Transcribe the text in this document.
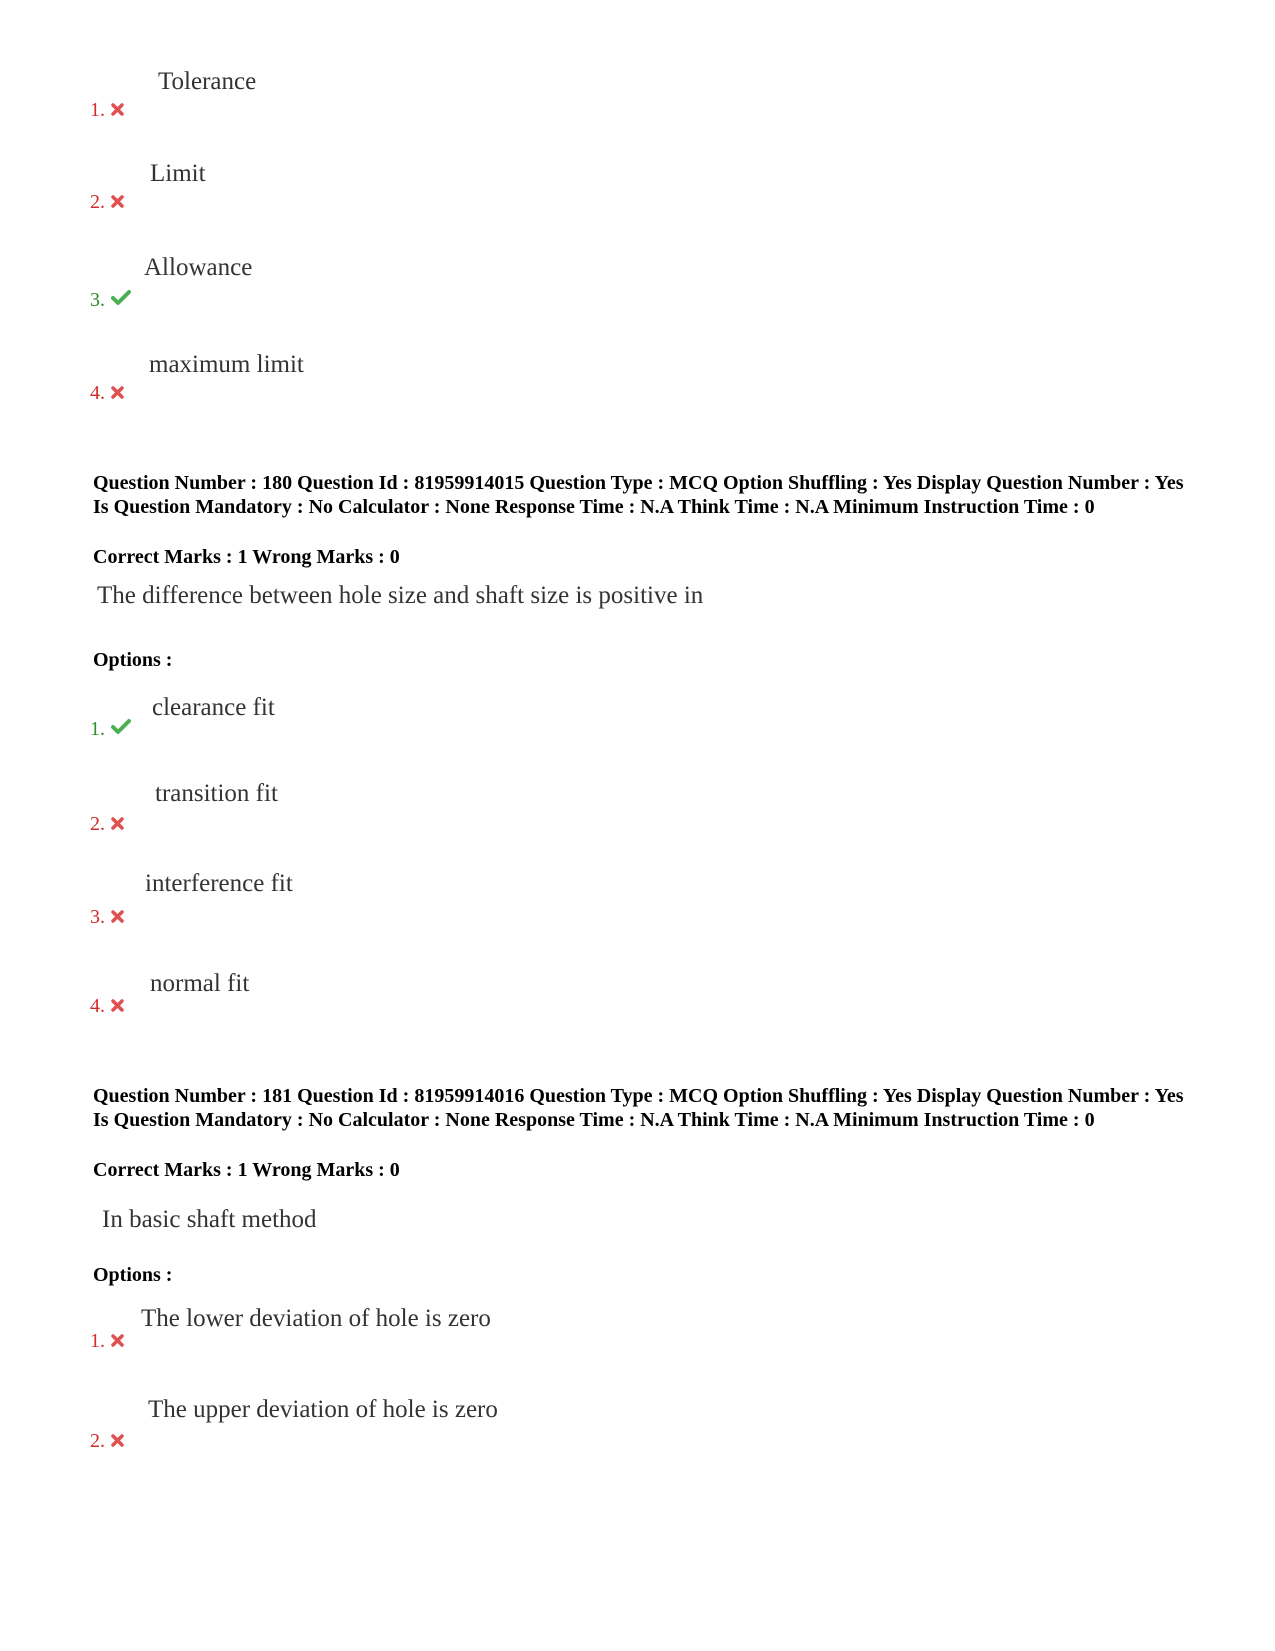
Tolerance
1.
Limit
2.
Allowance
3.
maximum limit
4.
Question Number : 180 Question Id : 81959914015 Question Type : MCQ Option Shuffling : Yes Display Question Number : Yes Is Question Mandatory : No Calculator : None Response Time : N.A Think Time : N.A Minimum Instruction Time : 0
Correct Marks : 1 Wrong Marks : 0
The difference between hole size and shaft size is positive in
Options :
clearance fit
1.
transition fit
2.
interference fit
3.
normal fit
4.
Question Number : 181 Question Id : 81959914016 Question Type : MCQ Option Shuffling : Yes Display Question Number : Yes Is Question Mandatory : No Calculator : None Response Time : N.A Think Time : N.A Minimum Instruction Time : 0
Correct Marks : 1 Wrong Marks : 0
In basic shaft method
Options :
The lower deviation of hole is zero
1.
The upper deviation of hole is zero
2.
